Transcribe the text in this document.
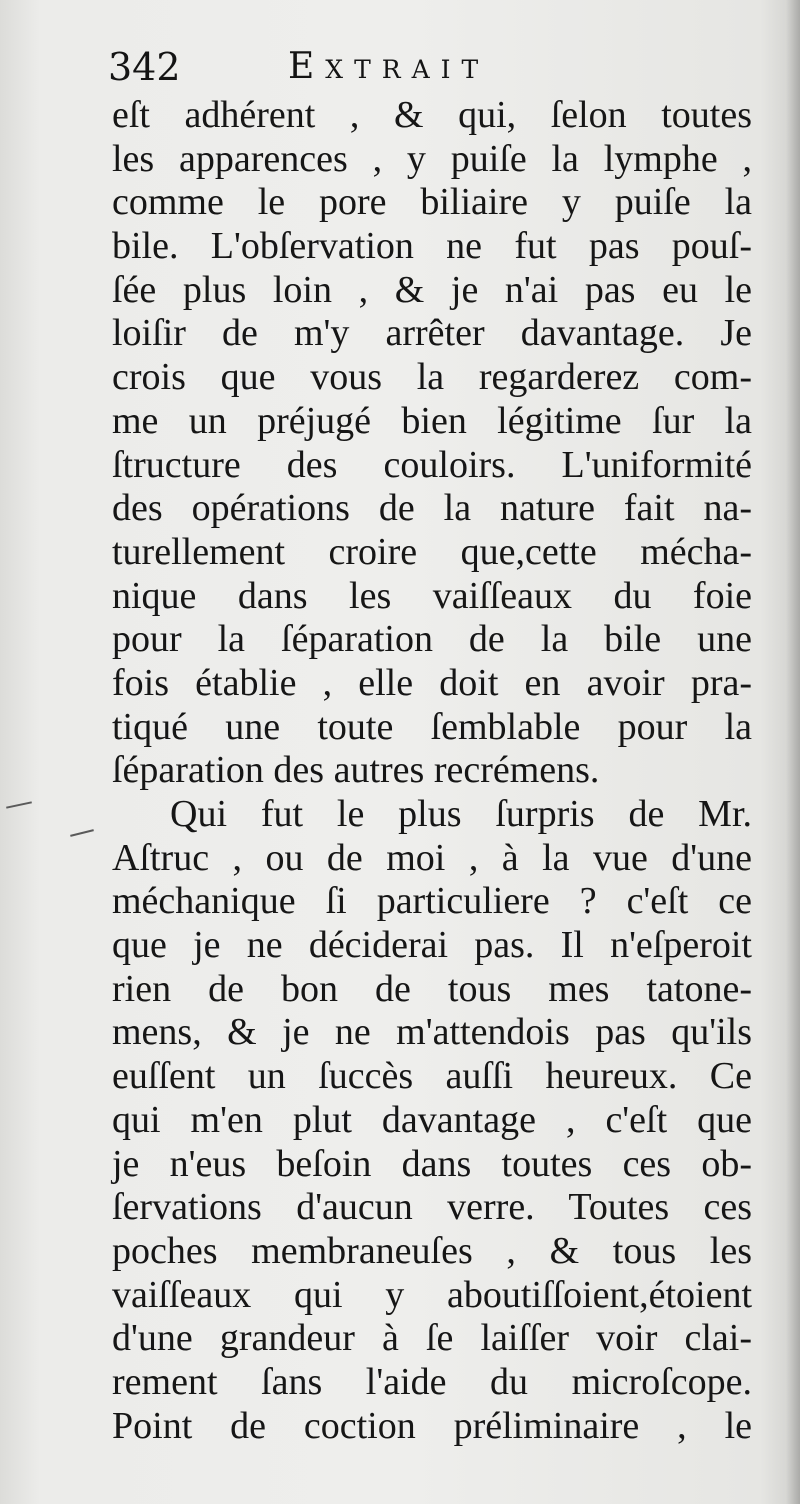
342	Extrait
eſt adhérent , & qui, ſelon toutes
les apparences , y puiſe la lymphe ,
comme le pore biliaire y puiſe la
bile. L'obſervation ne fut pas pouſ-
ſée plus loin , & je n'ai pas eu le
loiſir de m'y arrêter davantage. Je
crois que vous la regarderez com-
me un préjugé bien légitime ſur la
ſtructure des couloirs. L'uniformité
des opérations de la nature fait na-
turellement croire que,cette mécha-
nique dans les vaiſſeaux du foie
pour la ſéparation de la bile une
fois établie , elle doit en avoir pra-
tiqué une toute ſemblable pour la
ſéparation des autres recrémens.
Qui fut le plus ſurpris de Mr.
Aſtruc , ou de moi , à la vue d'une
méchanique ſi particuliere ? c'eſt ce
que je ne déciderai pas. Il n'eſperoit
rien de bon de tous mes tatone-
mens, & je ne m'attendois pas qu'ils
euſſent un ſuccès auſſi heureux. Ce
qui m'en plut davantage , c'eſt que
je n'eus beſoin dans toutes ces ob-
ſervations d'aucun verre. Toutes ces
poches membraneuſes , & tous les
vaiſſeaux qui y aboutiſſoient,étoient
d'une grandeur à ſe laiſſer voir clai-
rement ſans l'aide du microſcope.
Point de coction préliminaire , le
